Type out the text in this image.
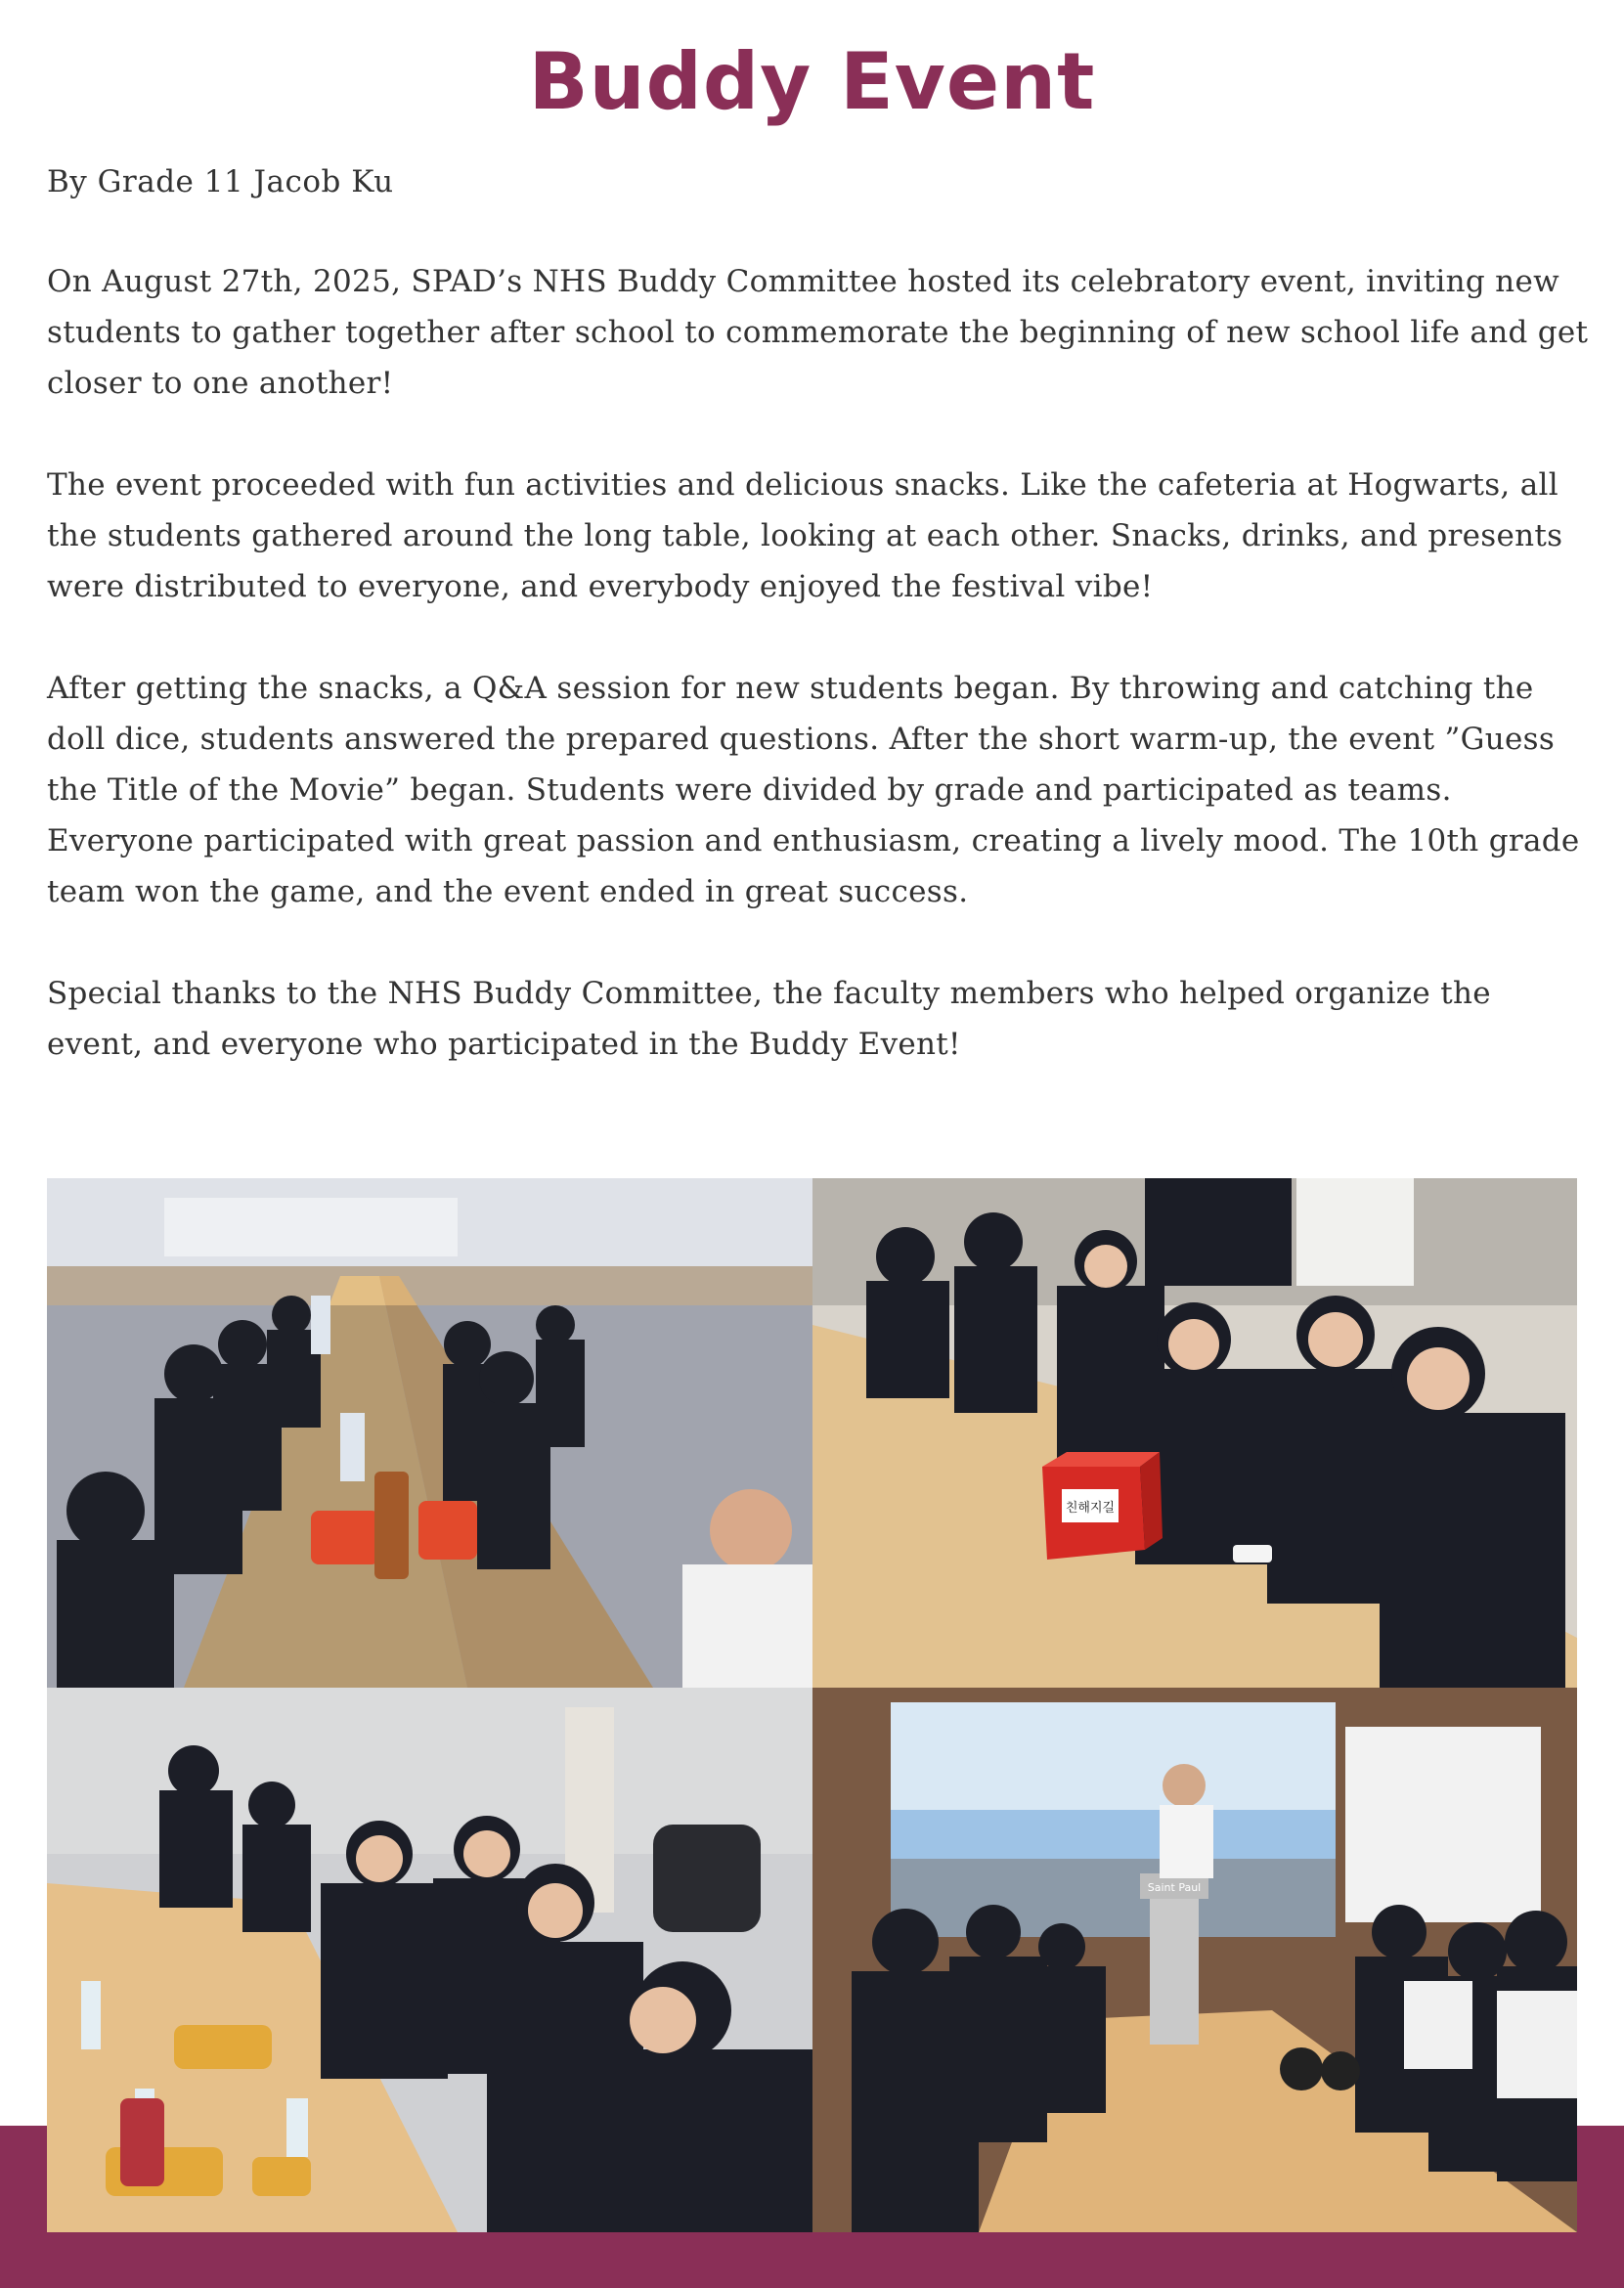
Buddy Event

By Grade 11 Jacob Ku

On August 27th, 2025, SPAD’s NHS Buddy Committee hosted its celebratory event, inviting new students to gather together after school to commemorate the beginning of new school life and get closer to one another!

The event proceeded with fun activities and delicious snacks. Like the cafeteria at Hogwarts, all the students gathered around the long table, looking at each other. Snacks, drinks, and presents were distributed to everyone, and everybody enjoyed the festival vibe!

After getting the snacks, a Q&A session for new students began. By throwing and catching the doll dice, students answered the prepared questions. After the short warm-up, the event ”Guess the Title of the Movie” began. Students were divided by grade and participated as teams. Everyone participated with great passion and enthusiasm, creating a lively mood. The 10th grade team won the game, and the event ended in great success.

Special thanks to the NHS Buddy Committee, the faculty members who helped organize the event, and everyone who participated in the Buddy Event!

친해지길
Saint Paul
